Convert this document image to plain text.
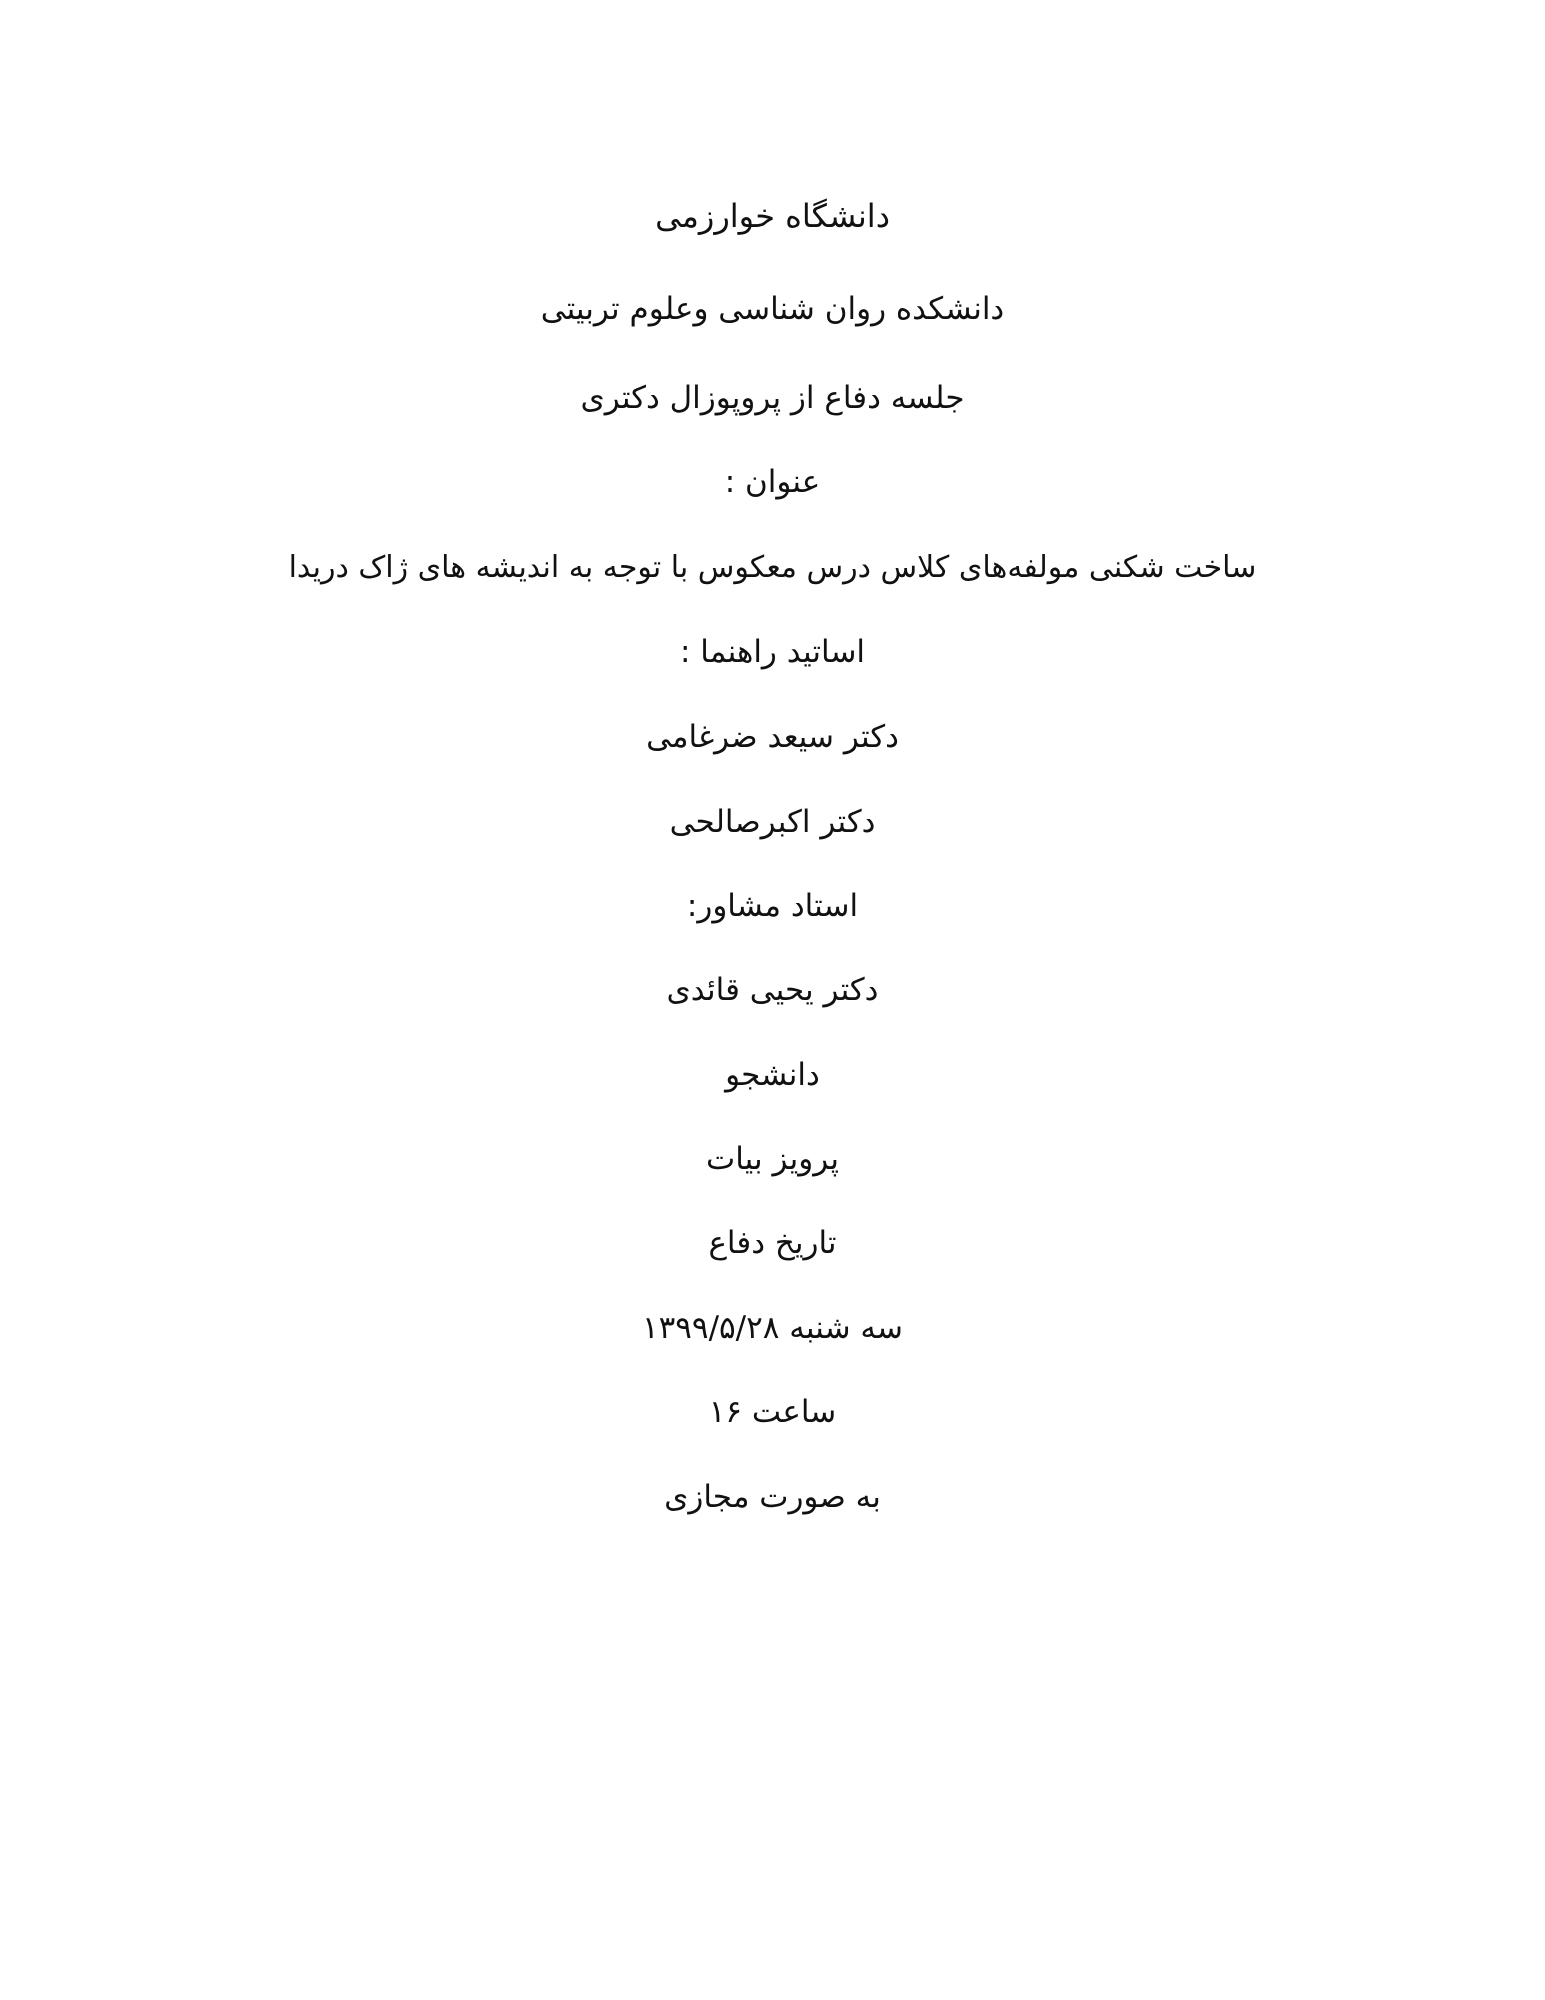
دانشگاه خوارزمی
دانشکده روان شناسی وعلوم تربیتی
جلسه دفاع از پروپوزال دکتری
عنوان :
ساخت شکنی مولفه‌های کلاس درس معکوس با توجه به اندیشه های ژاک دریدا
اساتید راهنما :
دکتر سیعد ضرغامی
دکتر اکبرصالحی
استاد مشاور:
دکتر یحیی قائدی
دانشجو
پرویز بیات
تاریخ دفاع
سه شنبه ۱۳۹۹/۵/۲۸
ساعت ۱۶
به صورت مجازی
